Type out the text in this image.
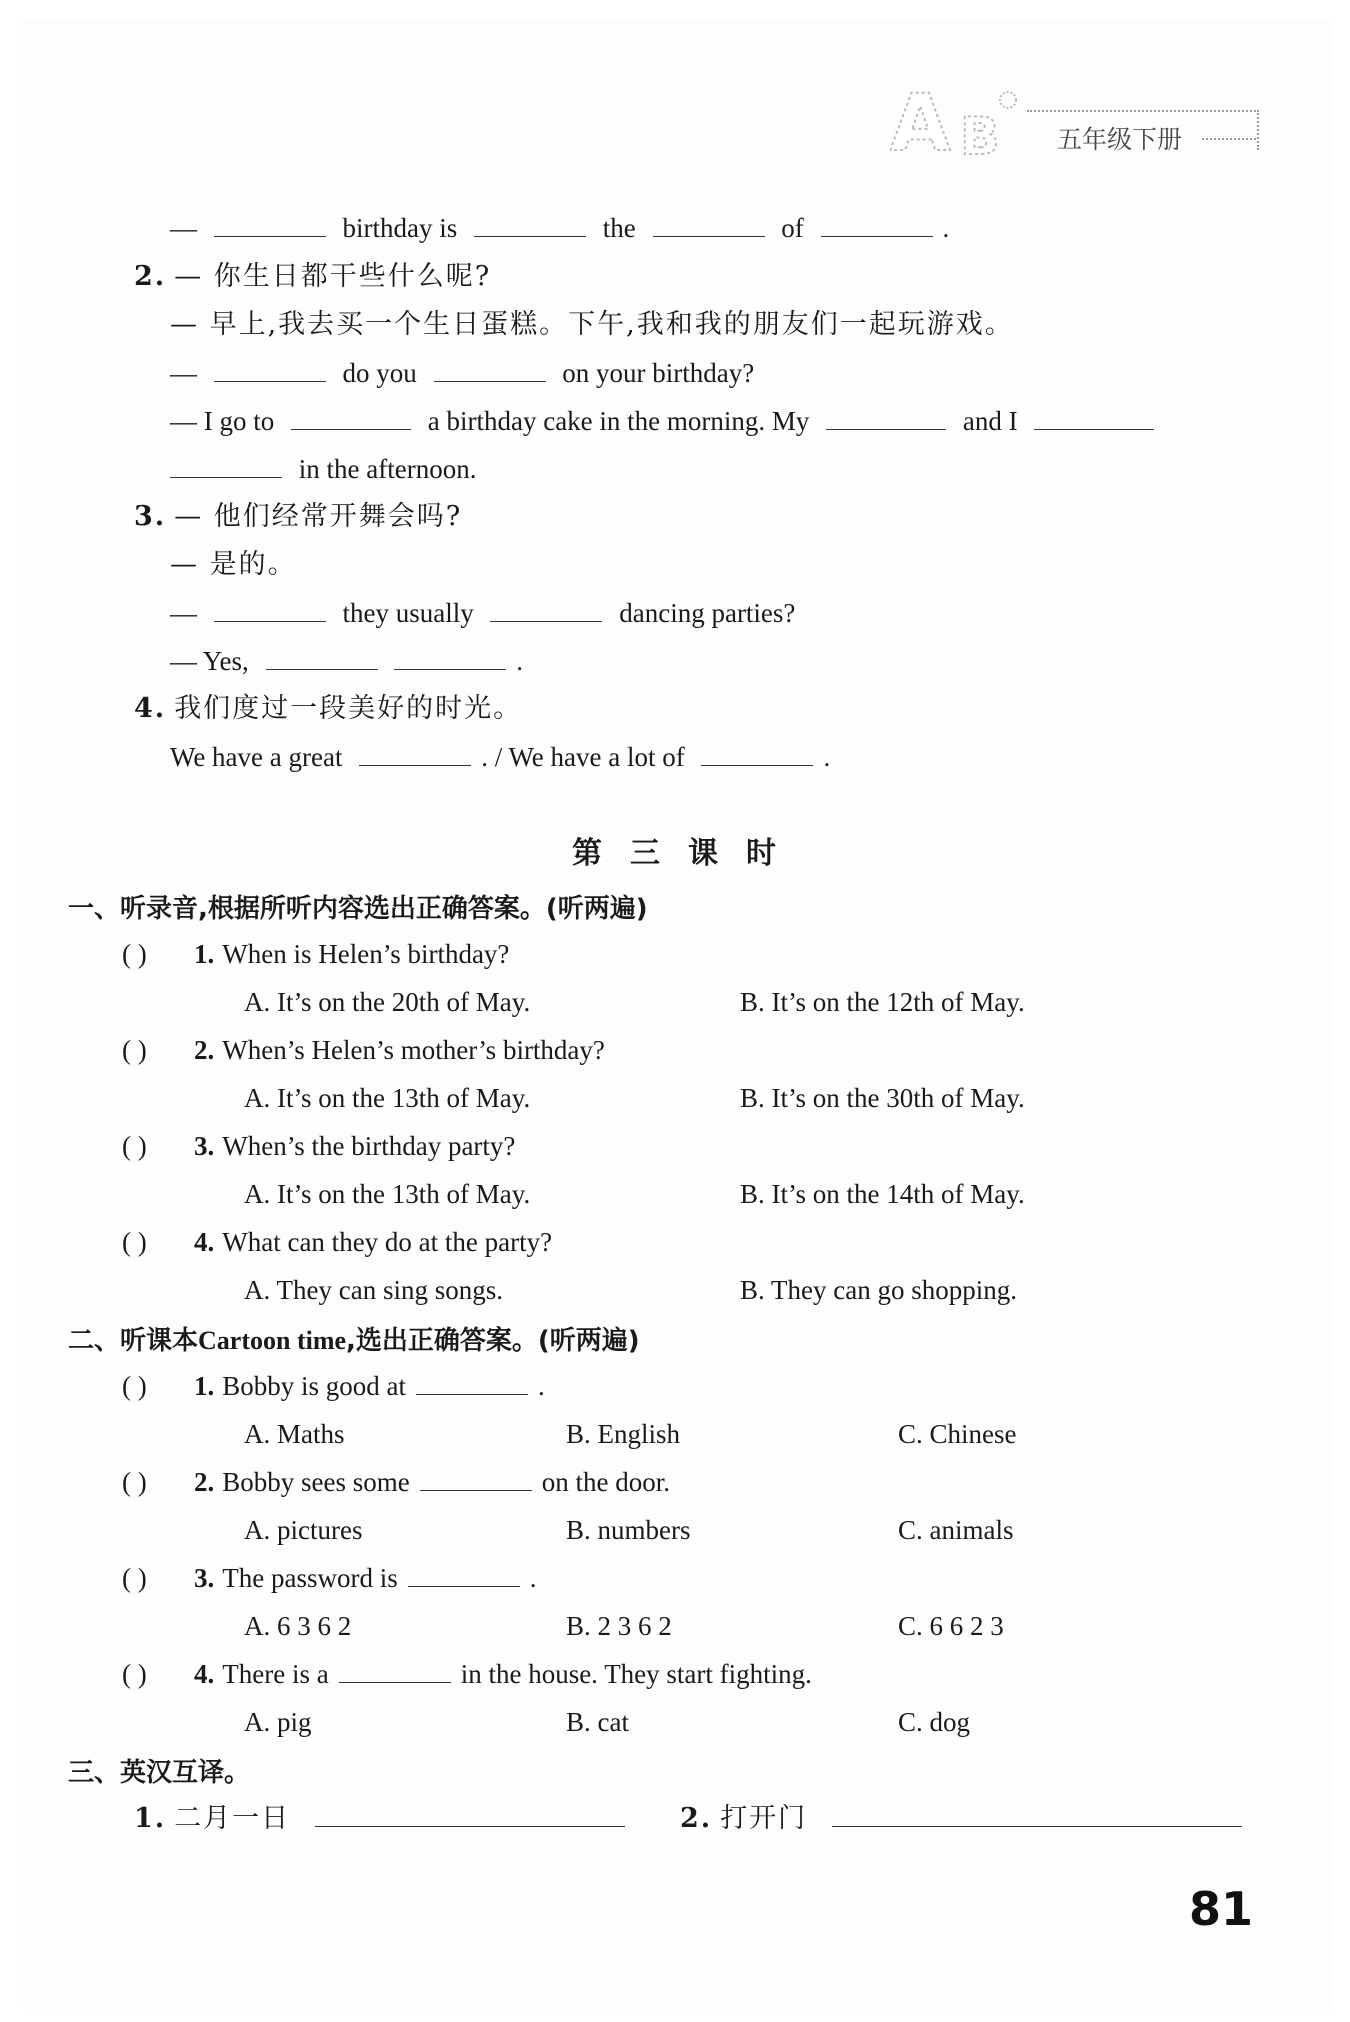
A B 五年级下册
—	birthday is	the	of	.
2. — 你生日都干些什么呢?
— 早上,我去买一个生日蛋糕。下午,我和我的朋友们一起玩游戏。
—	do you	on your birthday?
— I go to	a birthday cake in the morning. My	and I
in the afternoon.
3. — 他们经常开舞会吗?
— 是的。
—	they usually	dancing parties?
— Yes,	.
4. 我们度过一段美好的时光。
We have a great	. / We have a lot of	.
第三课时
一、听录音,根据所听内容选出正确答案。(听两遍)
( ) 1. When is Helen’s birthday?
A. It’s on the 20th of May.	B. It’s on the 12th of May.
( ) 2. When’s Helen’s mother’s birthday?
A. It’s on the 13th of May.	B. It’s on the 30th of May.
( ) 3. When’s the birthday party?
A. It’s on the 13th of May.	B. It’s on the 14th of May.
( ) 4. What can they do at the party?
A. They can sing songs.	B. They can go shopping.
二、听课本Cartoon time,选出正确答案。(听两遍)
( ) 1. Bobby is good at	.
A. Maths	B. English	C. Chinese
( ) 2. Bobby sees some	on the door.
A. pictures	B. numbers	C. animals
( ) 3. The password is	.
A. 6 3 6 2	B. 2 3 6 2	C. 6 6 2 3
( ) 4. There is a	in the house. They start fighting.
A. pig	B. cat	C. dog
三、英汉互译。
1. 二月一日	2. 打开门
81
